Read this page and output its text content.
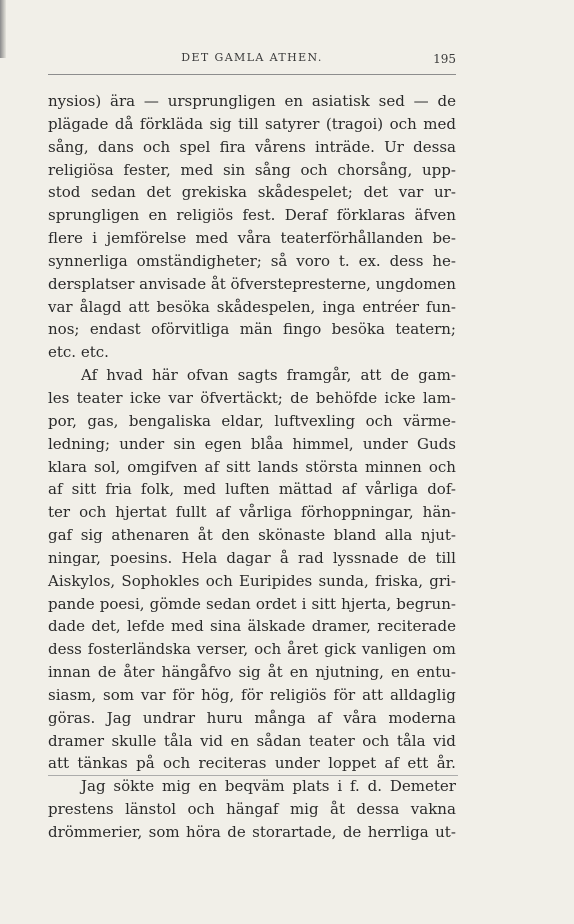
DET GAMLA ATHEN.	195
nysios) ära — ursprungligen en asiatisk sed — de
plägade då förkläda sig till satyrer (tragoi) och med
sång, dans och spel fira vårens inträde. Ur dessa
religiösa fester, med sin sång och chorsång, upp-
stod sedan det grekiska skådespelet; det var ur-
sprungligen en religiös fest. Deraf förklaras äfven
flere i jemförelse med våra teaterförhållanden be-
synnerliga omständigheter; så voro t. ex. dess he-
dersplatser anvisade åt öfverstepresterne, ungdomen
var ålagd att besöka skådespelen, inga entréer fun-
nos; endast oförvitliga män fingo besöka teatern;
etc. etc.
Af hvad här ofvan sagts framgår, att de gam-
les teater icke var öfvertäckt; de behöfde icke lam-
por, gas, bengaliska eldar, luftvexling och värme-
ledning; under sin egen blåa himmel, under Guds
klara sol, omgifven af sitt lands största minnen och
af sitt fria folk, med luften mättad af vårliga dof-
ter och hjertat fullt af vårliga förhoppningar, hän-
gaf sig athenaren åt den skönaste bland alla njut-
ningar, poesins. Hela dagar å rad lyssnade de till
Aiskylos, Sophokles och Euripides sunda, friska, gri-
pande poesi, gömde sedan ordet i sitt hjerta, begrun-
dade det, lefde med sina älskade dramer, reciterade
dess fosterländska verser, och året gick vanligen om
innan de åter hängåfvo sig åt en njutning, en entu-
siasm, som var för hög, för religiös för att alldaglig
göras. Jag undrar huru många af våra moderna
dramer skulle tåla vid en sådan teater och tåla vid
att tänkas på och reciteras under loppet af ett år.
Jag sökte mig en beqväm plats i f. d. Demeter
prestens länstol och hängaf mig åt dessa vakna
drömmerier, som höra de storartade, de herrliga ut-
